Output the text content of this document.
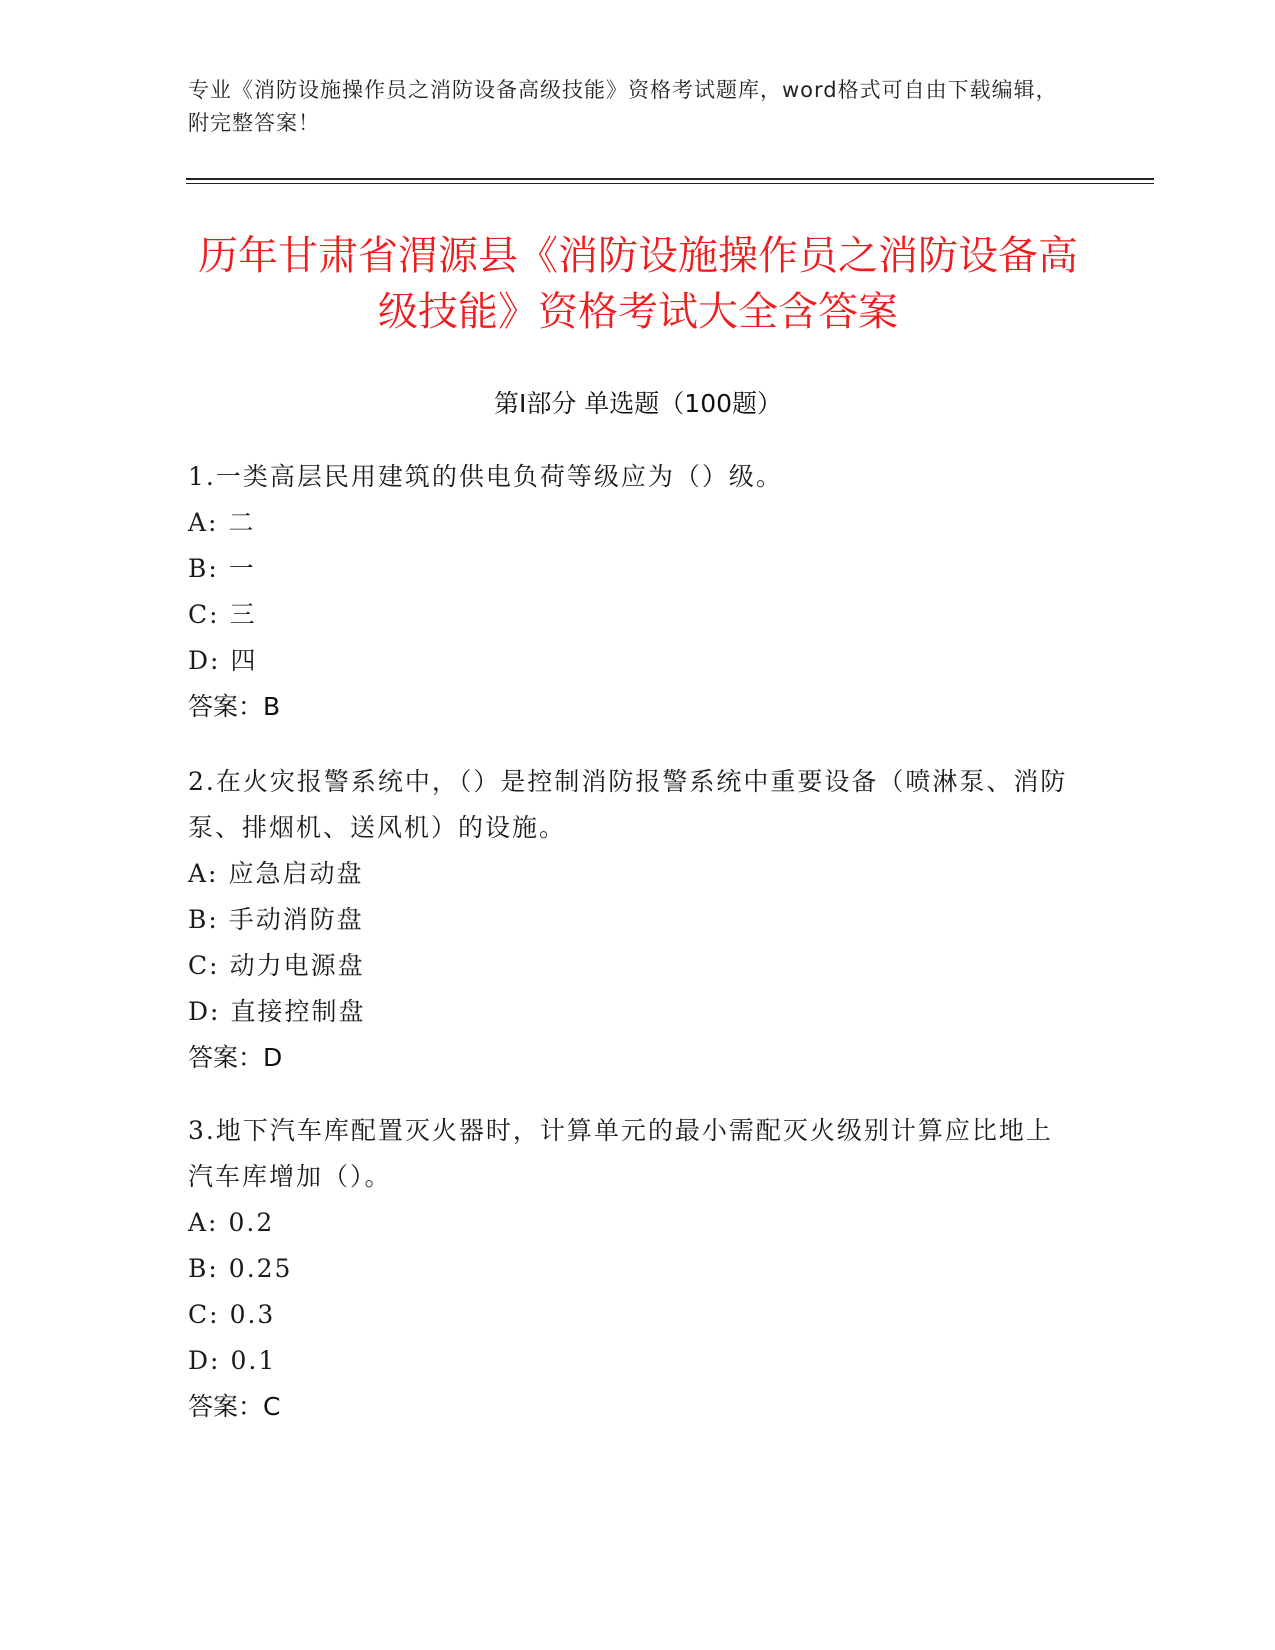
专业《消防设施操作员之消防设备高级技能》资格考试题库，word格式可自由下载编辑，附完整答案！
历年甘肃省渭源县《消防设施操作员之消防设备高级技能》资格考试大全含答案
第Ⅰ部分 单选题（100题）

1.一类高层民用建筑的供电负荷等级应为（）级。

A: 二

B: 一

C: 三

D: 四

答案：B

2.在火灾报警系统中，（）是控制消防报警系统中重要设备（喷淋泵、消防泵、排烟机、送风机）的设施。

A: 应急启动盘

B: 手动消防盘

C: 动力电源盘

D: 直接控制盘

答案：D

3.地下汽车库配置灭火器时，计算单元的最小需配灭火级别计算应比地上汽车库增加（）。

A: 0.2

B: 0.25

C: 0.3

D: 0.1

答案：C
